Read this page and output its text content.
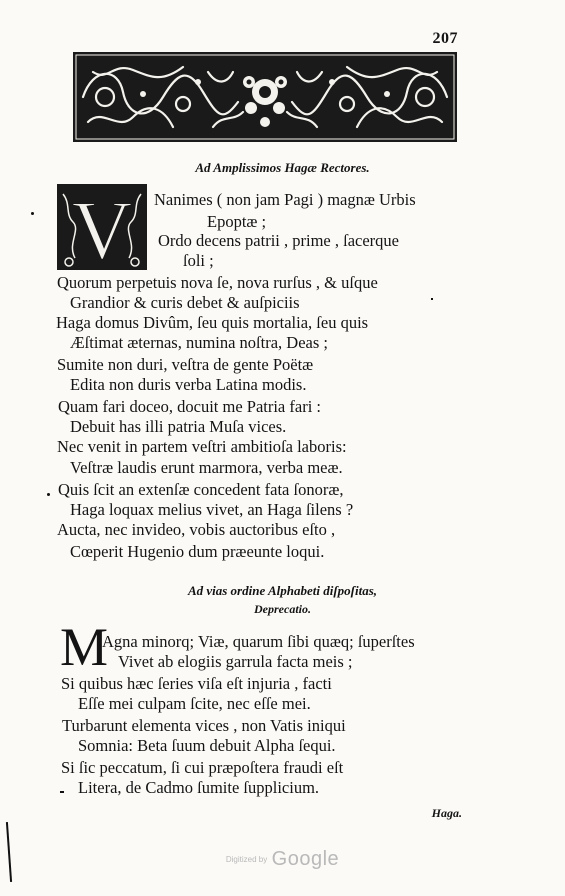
207
Ad Amplissimos Hagæ Rectores.
V Nanimes ( non jam Pagi ) magnæ Urbis
Epoptæ ;
Ordo decens patrii , prime , ſacerque
ſoli ;
Quorum perpetuis nova ſe, nova rurſus , & uſque
Grandior & curis debet & auſpiciis
Haga domus Divûm, ſeu quis mortalia, ſeu quis
Æſtimat æternas, numina noſtra, Deas ;
Sumite non duri, veſtra de gente Poëtæ
Edita non duris verba Latina modis.
Quam fari doceo, docuit me Patria fari :
Debuit has illi patria Muſa vices.
Nec venit in partem veſtri ambitioſa laboris:
Veſtræ laudis erunt marmora, verba meæ.
Quis ſcit an extenſæ concedent fata ſonoræ,
Haga loquax melius vivet, an Haga ſilens ?
Aucta, nec invideo, vobis auctoribus eſto ,
Cœperit Hugenio dum præeunte loqui.
Ad vias ordine Alphabeti diſpoſitas,
Deprecatio.
M
Agna minorq; Viæ, quarum ſibi quæq; ſuperſtes
Vivet ab elogiis garrula facta meis ;
Si quibus hæc ſeries viſa eſt injuria , facti
Eſſe mei culpam ſcite, nec eſſe mei.
Turbarunt elementa vices , non Vatis iniqui
Somnia: Beta ſuum debuit Alpha ſequi.
Si ſic peccatum, ſi cui præpoſtera fraudi eſt
Litera, de Cadmo ſumite ſupplicium.
Haga.
Digitized by Google
